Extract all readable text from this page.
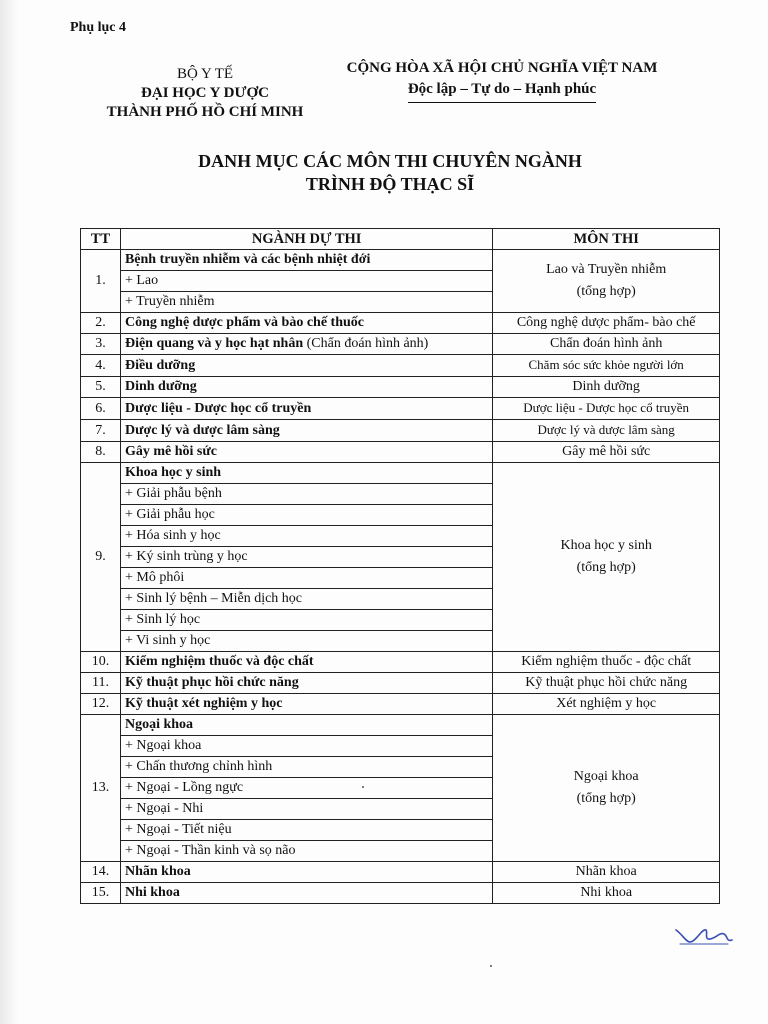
Phụ lục 4
BỘ Y TẾ
ĐẠI HỌC Y DƯỢC
THÀNH PHỐ HỒ CHÍ MINH
CỘNG HÒA XÃ HỘI CHỦ NGHĨA VIỆT NAM
Độc lập – Tự do – Hạnh phúc
DANH MỤC CÁC MÔN THI CHUYÊN NGÀNH
TRÌNH ĐỘ THẠC SĨ
TT	NGÀNH DỰ THI	MÔN THI
1.	Bệnh truyền nhiễm và các bệnh nhiệt đới	Lao và Truyền nhiễm
(tổng hợp)

	+ Lao	
	+ Truyền nhiễm	
2.	Công nghệ dược phẩm và bào chế thuốc	Công nghệ dược phẩm- bào chế
3.	Điện quang và y học hạt nhân (Chẩn đoán hình ảnh)	Chẩn đoán hình ảnh
4.	Điều dưỡng	Chăm sóc sức khỏe người lớn
5.	Dinh dưỡng	Dinh dưỡng
6.	Dược liệu - Dược học cổ truyền	Dược liệu - Dược học cổ truyền
7.	Dược lý và dược lâm sàng	Dược lý và dược lâm sàng
8.	Gây mê hồi sức	Gây mê hồi sức
9.	Khoa học y sinh	Khoa học y sinh
(tổng hợp)

	+ Giải phẫu bệnh	
	+ Giải phẫu học	
	+ Hóa sinh y học	
	+ Ký sinh trùng y học	
	+ Mô phôi	
	+ Sinh lý bệnh – Miễn dịch học	
	+ Sinh lý học	
	+ Vi sinh y học	
10.	Kiểm nghiệm thuốc và độc chất	Kiểm nghiệm thuốc - độc chất
11.	Kỹ thuật phục hồi chức năng	Kỹ thuật phục hồi chức năng
12.	Kỹ thuật xét nghiệm y học	Xét nghiệm y học
13.	Ngoại khoa	Ngoại khoa
(tổng hợp)

	+ Ngoại khoa	
	+ Chấn thương chỉnh hình	
	+ Ngoại - Lồng ngực	
	+ Ngoại - Nhi	
	+ Ngoại - Tiết niệu	
	+ Ngoại - Thần kinh và sọ não	
14.	Nhãn khoa	Nhãn khoa
15.	Nhi khoa	Nhi khoa
